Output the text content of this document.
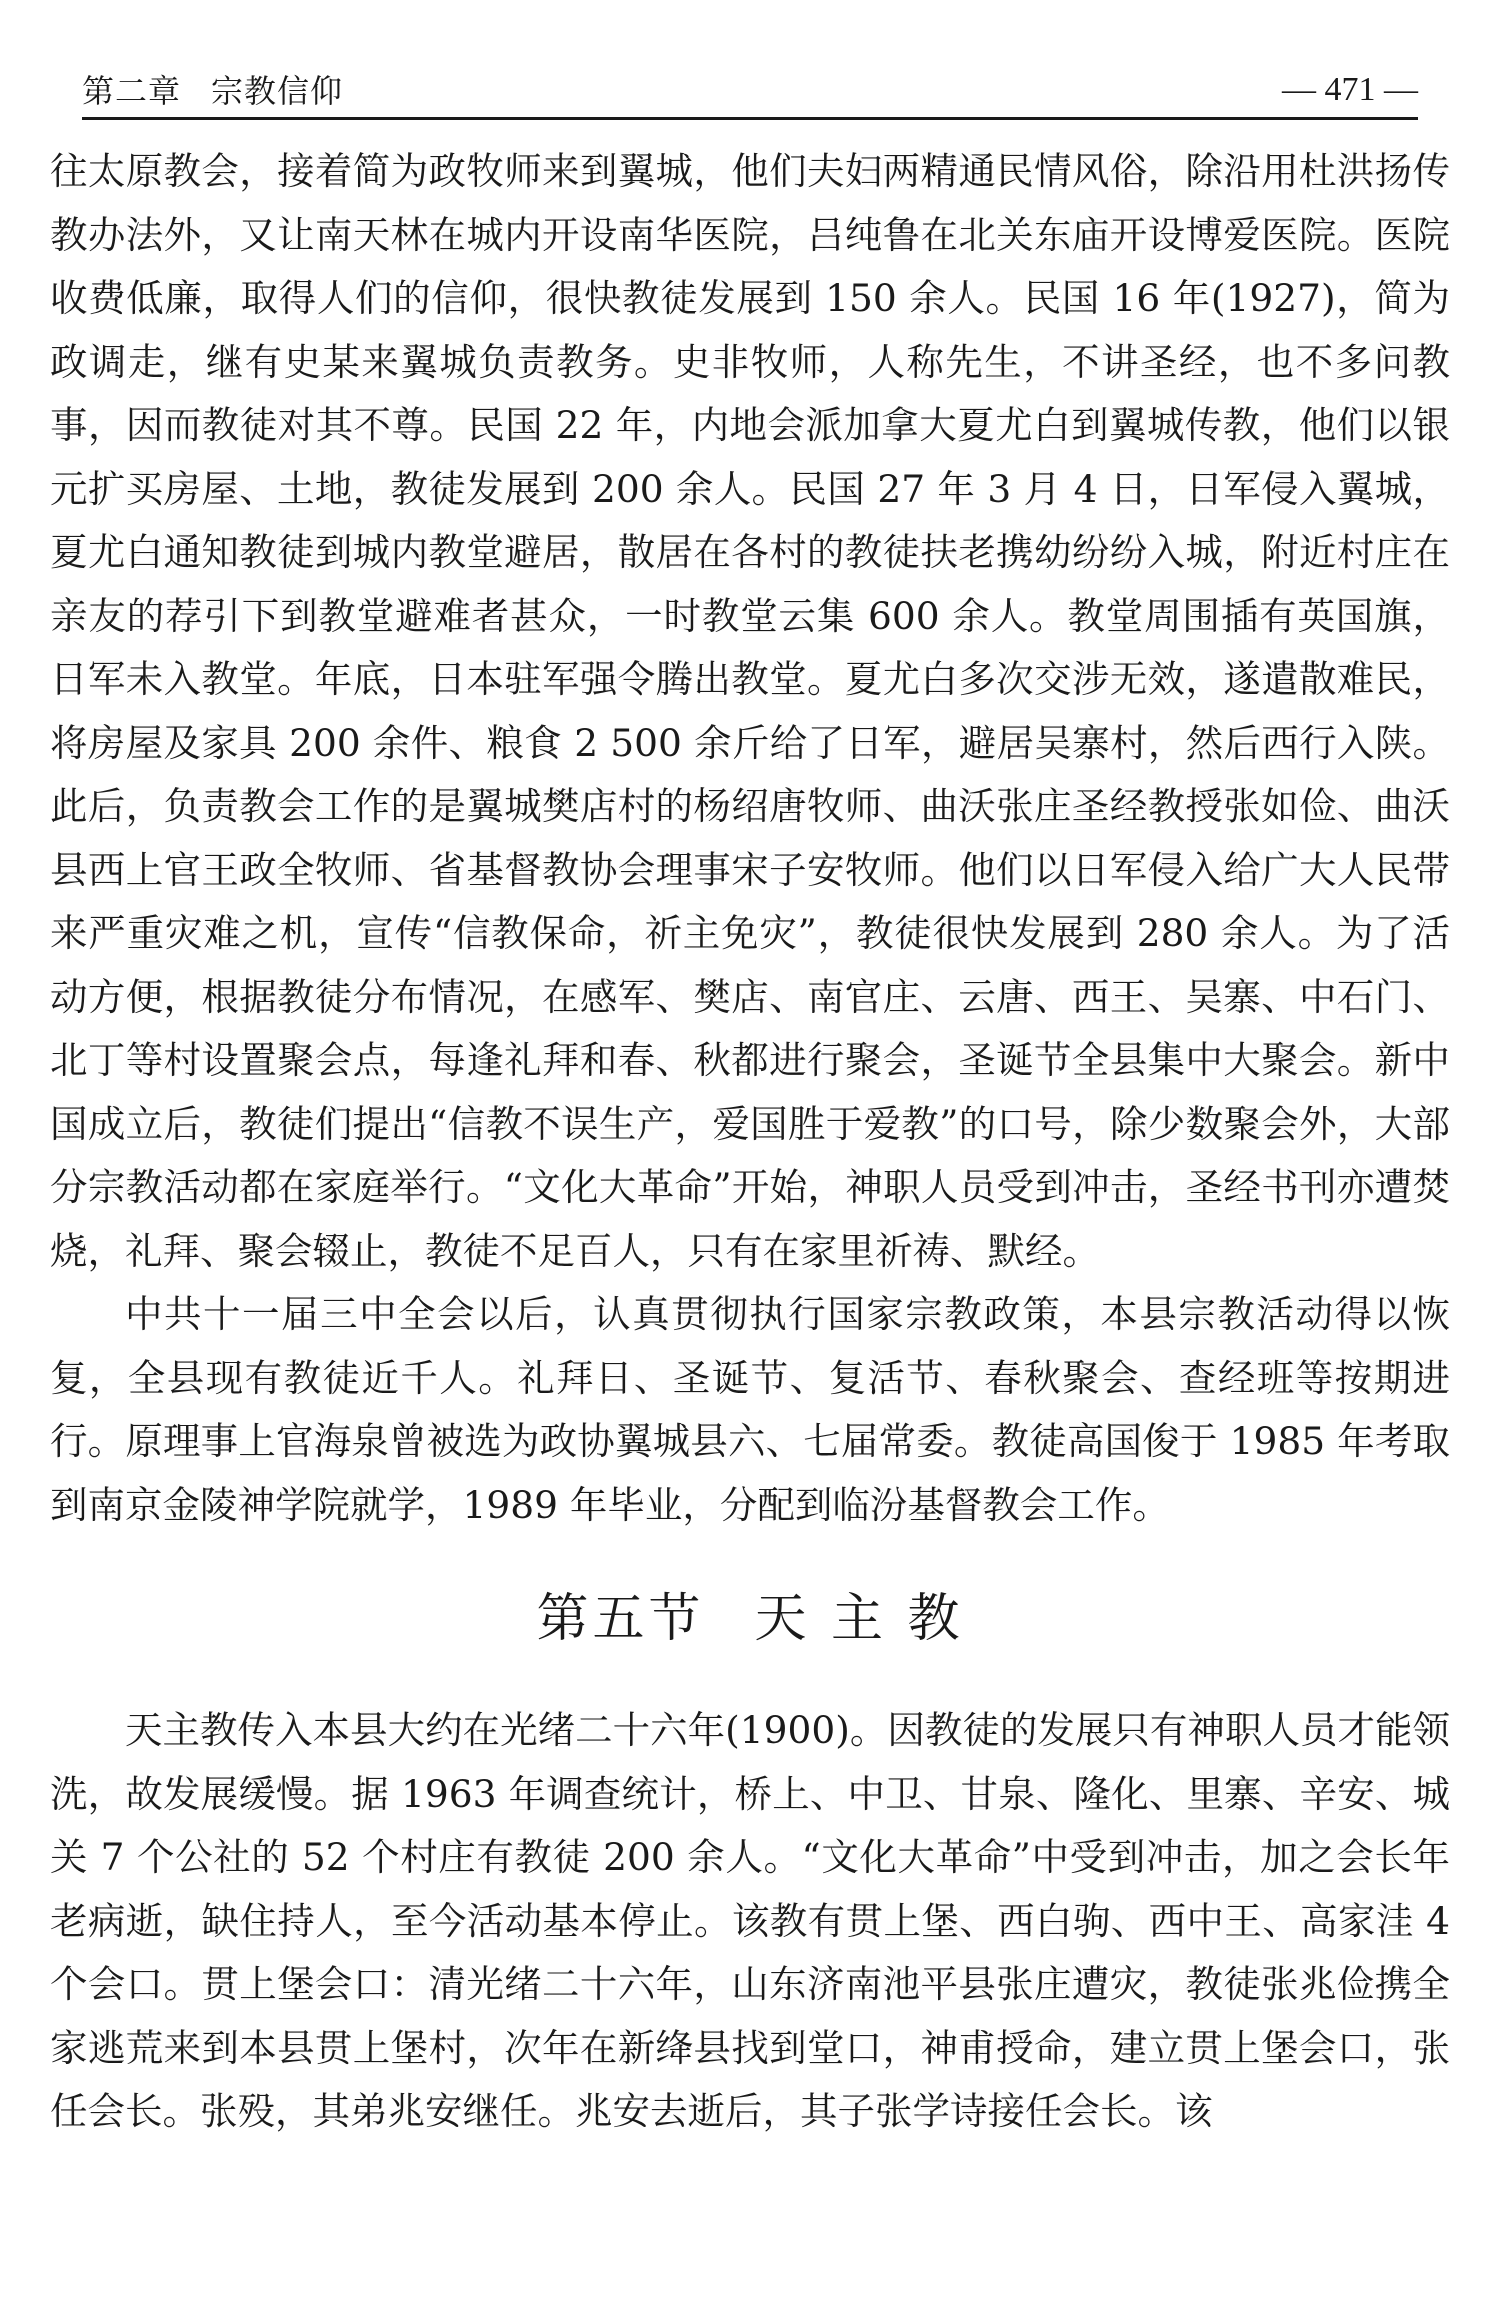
第二章 宗教信仰	— 471 —

往太原教会，接着简为政牧师来到翼城，他们夫妇两精通民情风俗，除沿用杜洪扬传教办法外，又让南天林在城内开设南华医院，吕纯鲁在北关东庙开设博爱医院。医院收费低廉，取得人们的信仰，很快教徒发展到 150 余人。民国 16 年(1927)，简为政调走，继有史某来翼城负责教务。史非牧师，人称先生，不讲圣经，也不多问教事，因而教徒对其不尊。民国 22 年，内地会派加拿大夏尤白到翼城传教，他们以银元扩买房屋、土地，教徒发展到 200 余人。民国 27 年 3 月 4 日，日军侵入翼城，夏尤白通知教徒到城内教堂避居，散居在各村的教徒扶老携幼纷纷入城，附近村庄在亲友的荐引下到教堂避难者甚众，一时教堂云集 600 余人。教堂周围插有英国旗，日军未入教堂。年底，日本驻军强令腾出教堂。夏尤白多次交涉无效，遂遣散难民，将房屋及家具 200 余件、粮食 2 500 余斤给了日军，避居吴寨村，然后西行入陕。此后，负责教会工作的是翼城樊店村的杨绍唐牧师、曲沃张庄圣经教授张如俭、曲沃县西上官王政全牧师、省基督教协会理事宋子安牧师。他们以日军侵入给广大人民带来严重灾难之机，宣传“信教保命，祈主免灾”，教徒很快发展到 280 余人。为了活动方便，根据教徒分布情况，在感军、樊店、南官庄、云唐、西王、吴寨、中石门、北丁等村设置聚会点，每逢礼拜和春、秋都进行聚会，圣诞节全县集中大聚会。新中国成立后，教徒们提出“信教不误生产，爱国胜于爱教”的口号，除少数聚会外，大部分宗教活动都在家庭举行。“文化大革命”开始，神职人员受到冲击，圣经书刊亦遭焚烧，礼拜、聚会辍止，教徒不足百人，只有在家里祈祷、默经。

中共十一届三中全会以后，认真贯彻执行国家宗教政策，本县宗教活动得以恢复，全县现有教徒近千人。礼拜日、圣诞节、复活节、春秋聚会、查经班等按期进行。原理事上官海泉曾被选为政协翼城县六、七届常委。教徒高国俊于 1985 年考取到南京金陵神学院就学，1989 年毕业，分配到临汾基督教会工作。

第五节 天 主 教

天主教传入本县大约在光绪二十六年(1900)。因教徒的发展只有神职人员才能领洗，故发展缓慢。据 1963 年调查统计，桥上、中卫、甘泉、隆化、里寨、辛安、城关 7 个公社的 52 个村庄有教徒 200 余人。“文化大革命”中受到冲击，加之会长年老病逝，缺住持人，至今活动基本停止。该教有贯上堡、西白驹、西中王、高家洼 4 个会口。贯上堡会口：清光绪二十六年，山东济南池平县张庄遭灾，教徒张兆俭携全家逃荒来到本县贯上堡村，次年在新绛县找到堂口，神甫授命，建立贯上堡会口，张任会长。张殁，其弟兆安继任。兆安去逝后，其子张学诗接任会长。该
